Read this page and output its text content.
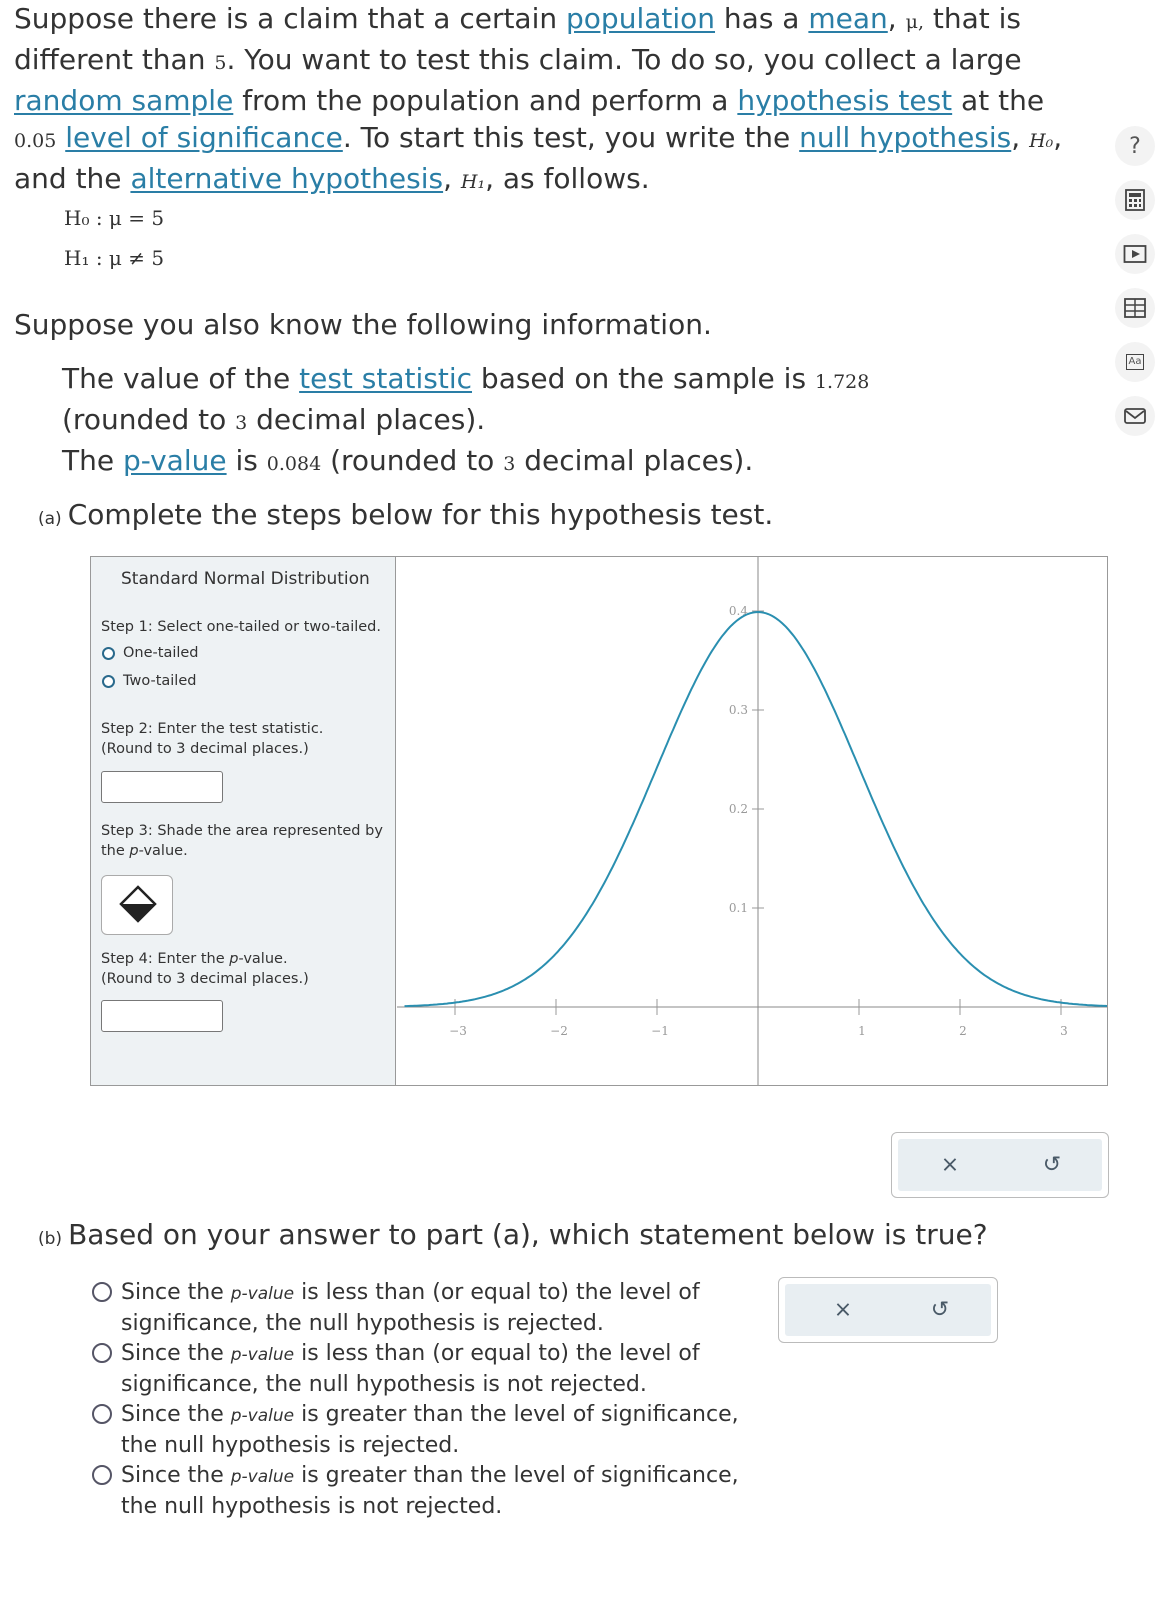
Suppose there is a claim that a certain population has a mean, μ, that is different than 5. You want to test this claim. To do so, you collect a large random sample from the population and perform a hypothesis test at the 0.05 level of significance. To start this test, you write the null hypothesis, H₀, and the alternative hypothesis, H₁, as follows.
H₀ : μ = 5
H₁ : μ ≠ 5
Suppose you also know the following information.
The value of the test statistic based on the sample is 1.728 (rounded to 3 decimal places).
The p-value is 0.084 (rounded to 3 decimal places).
(a) Complete the steps below for this hypothesis test.
Standard Normal Distribution
Step 1: Select one-tailed or two-tailed.
One-tailed
Two-tailed
Step 2: Enter the test statistic.
(Round to 3 decimal places.)
Step 3: Shade the area represented by
the p-value.
Step 4: Enter the p-value.
(Round to 3 decimal places.)
−3	−2	−1	1	2	3
0.1
0.2
0.3
0.4
×	↺
(b) Based on your answer to part (a), which statement below is true?
Since the p-value is less than (or equal to) the level of significance, the null hypothesis is rejected.
Since the p-value is less than (or equal to) the level of significance, the null hypothesis is not rejected.
Since the p-value is greater than the level of significance, the null hypothesis is rejected.
Since the p-value is greater than the level of significance, the null hypothesis is not rejected.
×	↺
?
Aa
